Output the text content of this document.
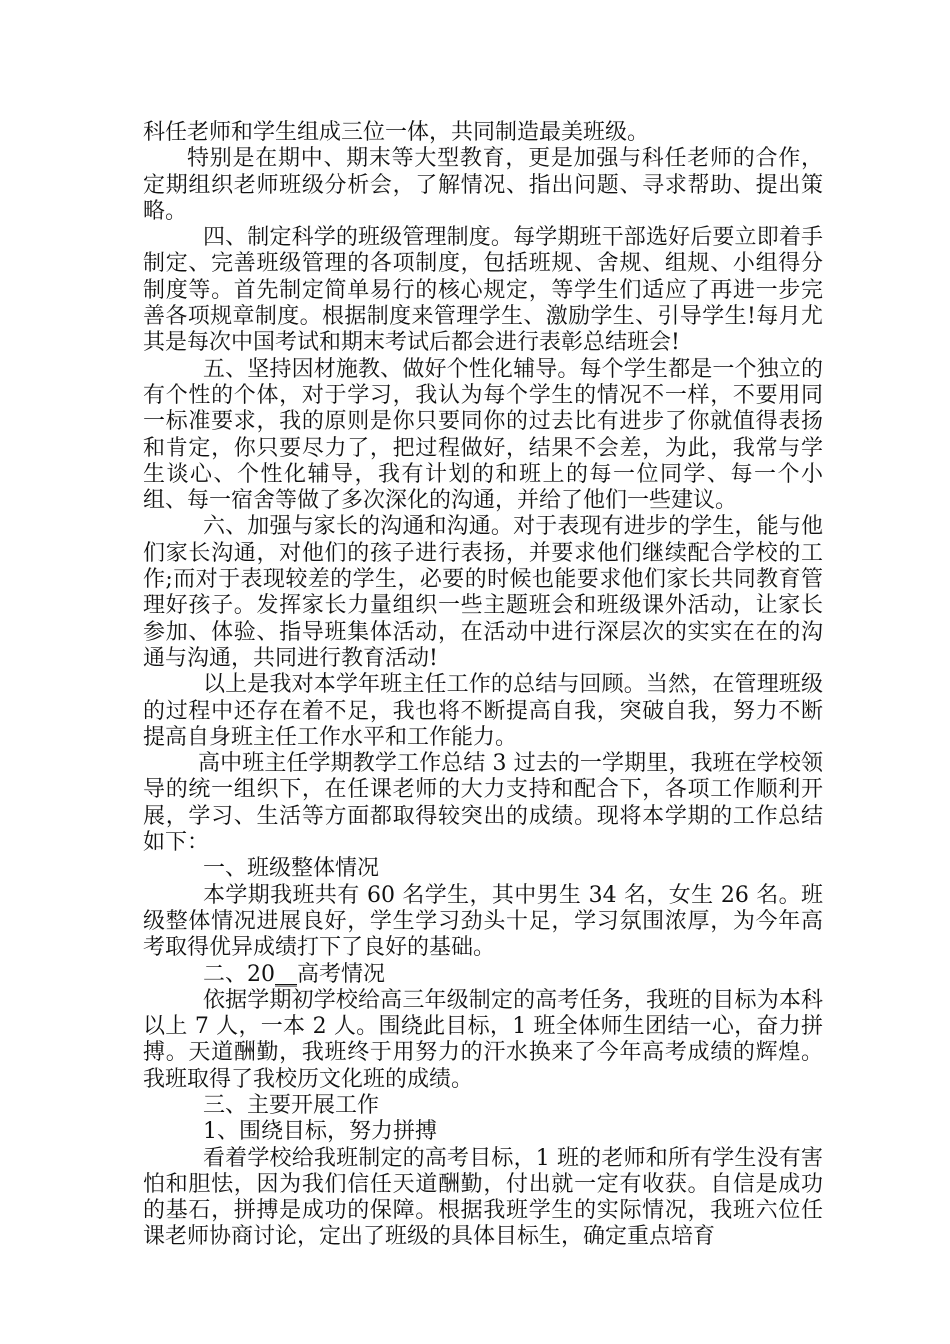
科任老师和学生组成三位一体，共同制造最美班级。

特别是在期中、期末等大型教育，更是加强与科任老师的合作，定期组织老师班级分析会，了解情况、指出问题、寻求帮助、提出策略。

四、制定科学的班级管理制度。每学期班干部选好后要立即着手制定、完善班级管理的各项制度，包括班规、舍规、组规、小组得分制度等。首先制定简单易行的核心规定，等学生们适应了再进一步完善各项规章制度。根据制度来管理学生、激励学生、引导学生!每月尤其是每次中国考试和期末考试后都会进行表彰总结班会!

五、坚持因材施教、做好个性化辅导。每个学生都是一个独立的有个性的个体，对于学习，我认为每个学生的情况不一样，不要用同一标准要求，我的原则是你只要同你的过去比有进步了你就值得表扬和肯定，你只要尽力了，把过程做好，结果不会差，为此，我常与学生谈心、个性化辅导，我有计划的和班上的每一位同学、每一个小组、每一宿舍等做了多次深化的沟通，并给了他们一些建议。

六、加强与家长的沟通和沟通。对于表现有进步的学生，能与他们家长沟通，对他们的孩子进行表扬，并要求他们继续配合学校的工作;而对于表现较差的学生，必要的时候也能要求他们家长共同教育管理好孩子。发挥家长力量组织一些主题班会和班级课外活动，让家长参加、体验、指导班集体活动，在活动中进行深层次的实实在在的沟通与沟通，共同进行教育活动!

以上是我对本学年班主任工作的总结与回顾。当然，在管理班级的过程中还存在着不足，我也将不断提高自我，突破自我，努力不断提高自身班主任工作水平和工作能力。

高中班主任学期教学工作总结 3 过去的一学期里，我班在学校领导的统一组织下，在任课老师的大力支持和配合下，各项工作顺利开展，学习、生活等方面都取得较突出的成绩。现将本学期的工作总结如下：

一、班级整体情况

本学期我班共有 60 名学生，其中男生 34 名，女生 26 名。班级整体情况进展良好，学生学习劲头十足，学习氛围浓厚，为今年高考取得优异成绩打下了良好的基础。

二、20__高考情况

依据学期初学校给高三年级制定的高考任务，我班的目标为本科以上 7 人，一本 2 人。围绕此目标，1 班全体师生团结一心，奋力拼搏。天道酬勤，我班终于用努力的汗水换来了今年高考成绩的辉煌。我班取得了我校历文化班的成绩。

三、主要开展工作

1、围绕目标，努力拼搏

看着学校给我班制定的高考目标，1 班的老师和所有学生没有害怕和胆怯，因为我们信任天道酬勤，付出就一定有收获。自信是成功的基石，拼搏是成功的保障。根据我班学生的实际情况，我班六位任课老师协商讨论，定出了班级的具体目标生，确定重点培育
